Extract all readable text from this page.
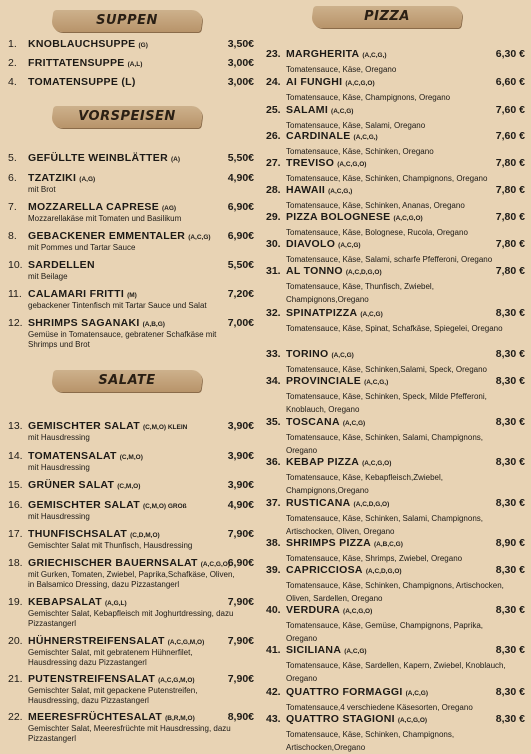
SUPPEN
1.	KNOBLAUCHSUPPE (G)	3,50€
2.	FRITTATENSUPPE (A,L)	3,00€
4.	TOMATENSUPPE (L)	3,00€
VORSPEISEN
5.	GEFÜLLTE WEINBLÄTTER (A)	5,50€
6.	TZATZIKI (A,G)	4,90€
mit Brot
7.	MOZZARELLA CAPRESE (AG)	6,90€
Mozzarellakäse mit Tomaten und Basilikum
8.	GEBACKENER EMMENTALER (A,C,G) 6,90€
mit Pommes und Tartar Sauce
10. SARDELLEN	5,50€
mit Beilage
11. CALAMARI FRITTI (M)	7,20€
gebackener Tintenfisch mit Tartar Sauce und Salat
12. SHRIMPS SAGANAKI (A,B,G)	7,00€
Gemüse in Tomatensauce, gebratener Schafkäse mit Shrimps und Brot
SALATE
13. GEMISCHTER SALAT (C,M,O) KLEIN	3,90€
mit Hausdressing
14. TOMATENSALAT (C,M,O)	3,90€
mit Hausdressing
15. GRÜNER SALAT (C,M,O)	3,90€
16. GEMISCHTER SALAT (C,M,O) GROß	4,90€
mit Hausdressing
17. THUNFISCHSALAT (C,D,M,O)	7,90€
Gemischter Salat mit Thunfisch, Hausdressing
18. GRIECHISCHER BAUERNSALAT (A,C,G,O)
6,90€
mit Gurken, Tomaten, Zwiebel, Paprika,Schafkäse, Oliven, in Balsamico Dressing, dazu Pizzastangerl
19. KEBAPSALAT (A,G,L)	7,90€
Gemischter Salat, Kebapfleisch mit Joghurtdressing, dazu Pizzastangerl
20. HÜHNERSTREIFENSALAT (A,C,G,M,O) 7,90€
Gemischter Salat, mit gebratenem Hühnerfilet, Hausdressing dazu Pizzastangerl
21. PUTENSTREIFENSALAT (A,C,G,M,O)	7,90€
Gemischter Salat, mit gepackene Putenstreifen, Hausdressing, dazu Pizzastangerl
22. MEERESFRÜCHTESALAT (B,R,M,O)	8,90€
Gemischter Salat, Meeresfrüchte mit Hausdressing, dazu Pizzastangerl
PIZZA
23. MARGHERITA (A,C,G,)	6,30 €
Tomatensauce, Käse, Oregano
24. AI FUNGHI (A,C,G,O)	6,60 €
Tomatensauce, Käse, Champignons, Oregano
25. SALAMI (A,C,G)	7,60 €
Tomatensauce, Käse, Salami, Oregano
26. CARDINALE (A,C,G,)	7,60 €
Tomatensauce, Käse, Schinken, Oregano
27. TREVISO (A,C,G,O)	7,80 €
Tomatensauce, Käse, Schinken, Champignons, Oregano
28. HAWAII (A,C,G,)	7,80 €
Tomatensauce, Käse, Schinken, Ananas, Oregano
29. PIZZA BOLOGNESE (A,C,G,O)	7,80 €
Tomatensauce, Käse, Bolognese, Rucola, Oregano
30. DIAVOLO (A,C,G)	7,80 €
Tomatensauce, Käse, Salami, scharfe Pfefferoni, Oregano
31. AL TONNO (A,C,D,G,O)	7,80 €
Tomatensauce, Käse, Thunfisch, Zwiebel, Champignons,Oregano
32. SPINATPIZZA (A,C,G)	8,30 €
Tomatensauce, Käse, Spinat, Schafkäse, Spiegelei, Oregano
33. TORINO (A,C,G)	8,30 €
Tomatensauce, Käse, Schinken,Salami, Speck, Oregano
34. PROVINCIALE (A,C,G,)	8,30 €
Tomatensauce, Käse, Schinken, Speck, Milde Pfefferoni, Knoblauch, Oregano
35. TOSCANA (A,C,G)	8,30 €
Tomatensauce, Käse, Schinken, Salami, Champignons, Oregano
36. KEBAP PIZZA (A,C,G,O)	8,30 €
Tomatensauce, Käse, Kebapfleisch,Zwiebel, Champignons,Oregano
37. RUSTICANA (A,C,D,G,O)	8,30 €
Tomatensauce, Käse, Schinken, Salami, Champignons, Artischocken, Oliven, Oregano
38. SHRIMPS PIZZA (A,B,C,G)	8,90 €
Tomatensauce, Käse, Shrimps, Zwiebel, Oregano
39. CAPRICCIOSA (A,C,D,G,O)	8,30 €
Tomatensauce, Käse, Schinken, Champignons, Artischocken, Oliven, Sardellen, Oregano
40. VERDURA (A,C,G,O)	8,30 €
Tomatensauce, Käse, Gemüse, Champignons, Paprika, Oregano
41. SICILIANA (A,C,G)	8,30 €
Tomatensauce, Käse, Sardellen, Kapern, Zwiebel, Knoblauch, Oregano
42. QUATTRO FORMAGGI (A,C,G)	8,30 €
Tomatensauce,4 verschiedene Käsesorten, Oregano
43. QUATTRO STAGIONI (A,C,G,O)	8,30 €
Tomatensauce, Käse, Schinken, Champignons, Artischocken,Oregano
